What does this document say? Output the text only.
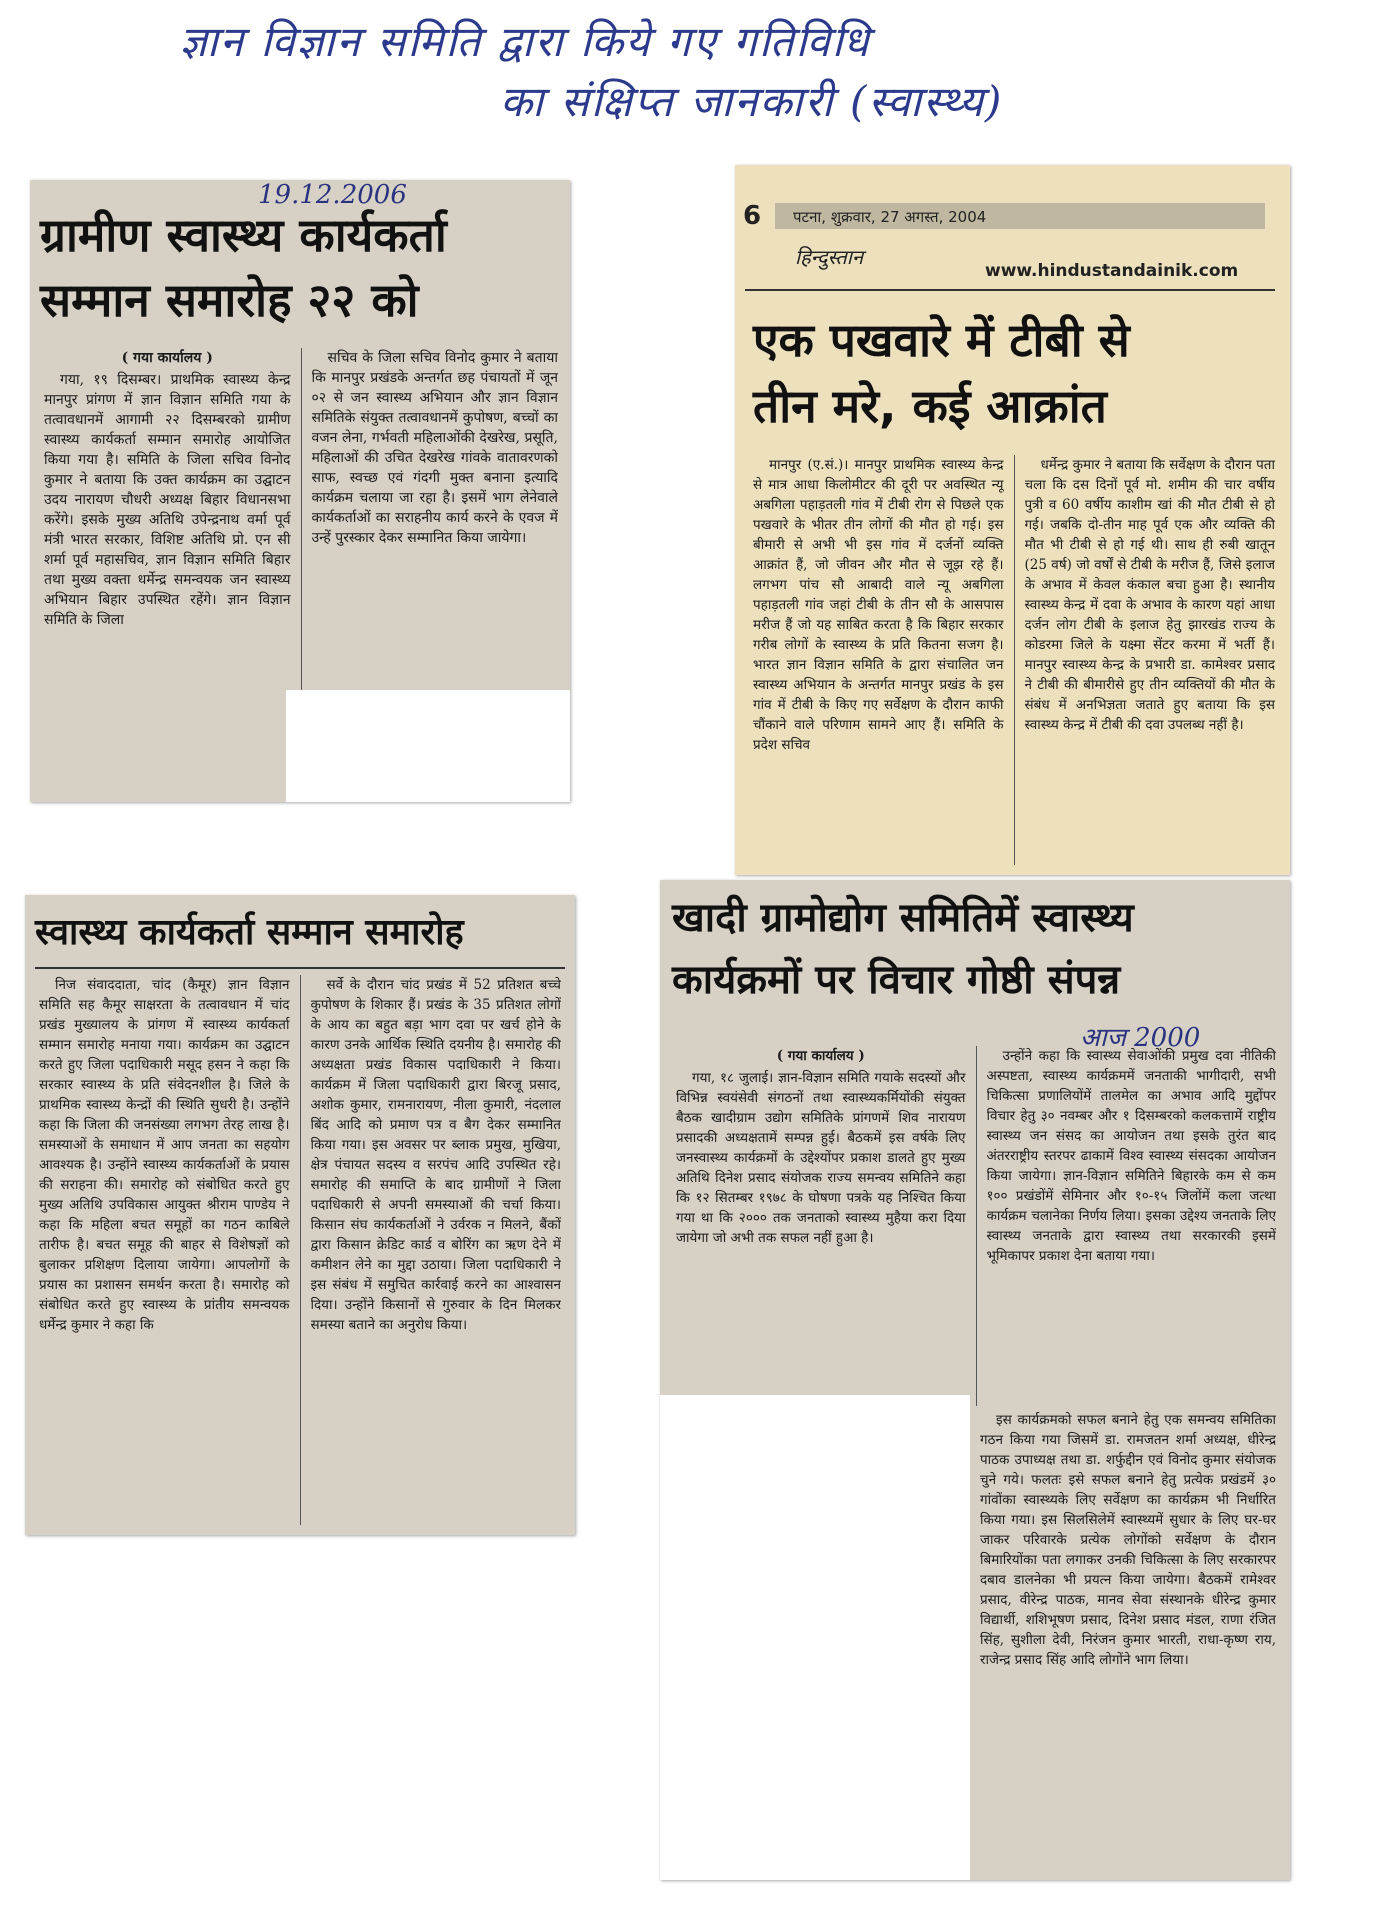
ज्ञान विज्ञान समिति द्वारा किये गए गतिविधि
का संक्षिप्त जानकारी (स्वास्थ्य)
19.12.2006
ग्रामीण स्वास्थ्य कार्यकर्ता
सम्मान समारोह २२ को
( गया कार्यालय )

गया, १९ दिसम्बर। प्राथमिक स्वास्थ्य केन्द्र मानपुर प्रांगण में ज्ञान विज्ञान समिति गया के तत्वावधानमें आगामी २२ दिसम्बरको ग्रामीण स्वास्थ्य कार्यकर्ता सम्मान समारोह आयोजित किया गया है। समिति के जिला सचिव विनोद कुमार ने बताया कि उक्त कार्यक्रम का उद्घाटन उदय नारायण चौधरी अध्यक्ष बिहार विधानसभा करेंगे। इसके मुख्य अतिथि उपेन्द्रनाथ वर्मा पूर्व मंत्री भारत सरकार, विशिष्ट अतिथि प्रो. एन सी शर्मा पूर्व महासचिव, ज्ञान विज्ञान समिति बिहार तथा मुख्य वक्ता धर्मेन्द्र समन्वयक जन स्वास्थ्य अभियान बिहार उपस्थित रहेंगे। ज्ञान विज्ञान समिति के जिला

सचिव के जिला सचिव विनोद कुमार ने बताया कि मानपुर प्रखंडके अन्तर्गत छह पंचायतों में जून ०२ से जन स्वास्थ्य अभियान और ज्ञान विज्ञान समितिके संयुक्त तत्वावधानमें कुपोषण, बच्चों का वजन लेना, गर्भवती महिलाओंकी देखरेख, प्रसूति, महिलाओं की उचित देखरेख गांवके वातावरणको साफ, स्वच्छ एवं गंदगी मुक्त बनाना इत्यादि कार्यक्रम चलाया जा रहा है। इसमें भाग लेनेवाले कार्यकर्ताओं का सराहनीय कार्य करने के एवज में उन्हें पुरस्कार देकर सम्मानित किया जायेगा।

6 पटना, शुक्रवार, 27 अगस्त, 2004
हिन्दुस्तान
www.hindustandainik.com
एक पखवारे में टीबी से
तीन मरे, कई आक्रांत

मानपुर (ए.सं.)। मानपुर प्राथमिक स्वास्थ्य केन्द्र से मात्र आधा किलोमीटर की दूरी पर अवस्थित न्यू अबगिला पहाड़तली गांव में टीबी रोग से पिछले एक पखवारे के भीतर तीन लोगों की मौत हो गई। इस बीमारी से अभी भी इस गांव में दर्जनों व्यक्ति आक्रांत हैं, जो जीवन और मौत से जूझ रहे हैं। लगभग पांच सौ आबादी वाले न्यू अबगिला पहाड़तली गांव जहां टीबी के तीन सौ के आसपास मरीज हैं जो यह साबित करता है कि बिहार सरकार गरीब लोगों के स्वास्थ्य के प्रति कितना सजग है। भारत ज्ञान विज्ञान समिति के द्वारा संचालित जन स्वास्थ्य अभियान के अन्तर्गत मानपुर प्रखंड के इस गांव में टीबी के किए गए सर्वेक्षण के दौरान काफी चौंकाने वाले परिणाम सामने आए हैं। समिति के प्रदेश सचिव

धर्मेन्द्र कुमार ने बताया कि सर्वेक्षण के दौरान पता चला कि दस दिनों पूर्व मो. शमीम की चार वर्षीय पुत्री व 60 वर्षीय काशीम खां की मौत टीबी से हो गई। जबकि दो-तीन माह पूर्व एक और व्यक्ति की मौत भी टीबी से हो गई थी। साथ ही रुबी खातून (25 वर्ष) जो वर्षों से टीबी के मरीज हैं, जिसे इलाज के अभाव में केवल कंकाल बचा हुआ है। स्थानीय स्वास्थ्य केन्द्र में दवा के अभाव के कारण यहां आधा दर्जन लोग टीबी के इलाज हेतु झारखंड राज्य के कोडरमा जिले के यक्ष्मा सेंटर करमा में भर्ती हैं। मानपुर स्वास्थ्य केन्द्र के प्रभारी डा. कामेश्वर प्रसाद ने टीबी की बीमारीसे हुए तीन व्यक्तियों की मौत के संबंध में अनभिज्ञता जताते हुए बताया कि इस स्वास्थ्य केन्द्र में टीबी की दवा उपलब्ध नहीं है।

स्वास्थ्य कार्यकर्ता सम्मान समारोह

निज संवाददाता, चांद (कैमूर) ज्ञान विज्ञान समिति सह कैमूर साक्षरता के तत्वावधान में चांद प्रखंड मुख्यालय के प्रांगण में स्वास्थ्य कार्यकर्ता सम्मान समारोह मनाया गया। कार्यक्रम का उद्घाटन करते हुए जिला पदाधिकारी मसूद हसन ने कहा कि सरकार स्वास्थ्य के प्रति संवेदनशील है। जिले के प्राथमिक स्वास्थ्य केन्द्रों की स्थिति सुधरी है। उन्होंने कहा कि जिला की जनसंख्या लगभग तेरह लाख है। समस्याओं के समाधान में आप जनता का सहयोग आवश्यक है। उन्होंने स्वास्थ्य कार्यकर्ताओं के प्रयास की सराहना की। समारोह को संबोधित करते हुए मुख्य अतिथि उपविकास आयुक्त श्रीराम पाण्डेय ने कहा कि महिला बचत समूहों का गठन काबिले तारीफ है। बचत समूह की बाहर से विशेषज्ञों को बुलाकर प्रशिक्षण दिलाया जायेगा। आपलोगों के प्रयास का प्रशासन समर्थन करता है। समारोह को संबोधित करते हुए स्वास्थ्य के प्रांतीय समन्वयक धर्मेन्द्र कुमार ने कहा कि

सर्वे के दौरान चांद प्रखंड में 52 प्रतिशत बच्चे कुपोषण के शिकार हैं। प्रखंड के 35 प्रतिशत लोगों के आय का बहुत बड़ा भाग दवा पर खर्च होने के कारण उनके आर्थिक स्थिति दयनीय है। समारोह की अध्यक्षता प्रखंड विकास पदाधिकारी ने किया। कार्यक्रम में जिला पदाधिकारी द्वारा बिरजू प्रसाद, अशोक कुमार, रामनारायण, नीला कुमारी, नंदलाल बिंद आदि को प्रमाण पत्र व बैग देकर सम्मानित किया गया। इस अवसर पर ब्लाक प्रमुख, मुखिया, क्षेत्र पंचायत सदस्य व सरपंच आदि उपस्थित रहे। समारोह की समाप्ति के बाद ग्रामीणों ने जिला पदाधिकारी से अपनी समस्याओं की चर्चा किया। किसान संघ कार्यकर्ताओं ने उर्वरक न मिलने, बैंकों द्वारा किसान क्रेडिट कार्ड व बोरिंग का ऋण देने में कमीशन लेने का मुद्दा उठाया। जिला पदाधिकारी ने इस संबंध में समुचित कार्रवाई करने का आश्वासन दिया। उन्होंने किसानों से गुरुवार के दिन मिलकर समस्या बताने का अनुरोध किया।

खादी ग्रामोद्योग समितिमें स्वास्थ्य
कार्यक्रमों पर विचार गोष्ठी संपन्न
आज 2000
( गया कार्यालय )

गया, १८ जुलाई। ज्ञान-विज्ञान समिति गयाके सदस्यों और विभिन्न स्वयंसेवी संगठनों तथा स्वास्थ्यकर्मियोंकी संयुक्त बैठक खादीग्राम उद्योग समितिके प्रांगणमें शिव नारायण प्रसादकी अध्यक्षतामें सम्पन्न हुई। बैठकमें इस वर्षके लिए जनस्वास्थ्य कार्यक्रमों के उद्देश्योंपर प्रकाश डालते हुए मुख्य अतिथि दिनेश प्रसाद संयोजक राज्य समन्वय समितिने कहा कि १२ सितम्बर १९७८ के घोषणा पत्रके यह निश्चित किया गया था कि २००० तक जनताको स्वास्थ्य मुहैया करा दिया जायेगा जो अभी तक सफल नहीं हुआ है।

उन्होंने कहा कि स्वास्थ्य सेवाओंकी प्रमुख दवा नीतिकी अस्पष्टता, स्वास्थ्य कार्यक्रममें जनताकी भागीदारी, सभी चिकित्सा प्रणालियोंमें तालमेल का अभाव आदि मुद्दोंपर विचार हेतु ३० नवम्बर और १ दिसम्बरको कलकत्तामें राष्ट्रीय स्वास्थ्य जन संसद का आयोजन तथा इसके तुरंत बाद अंतरराष्ट्रीय स्तरपर ढाकामें विश्व स्वास्थ्य संसदका आयोजन किया जायेगा। ज्ञान-विज्ञान समितिने बिहारके कम से कम १०० प्रखंडोंमें सेमिनार और १०-१५ जिलोंमें कला जत्था कार्यक्रम चलानेका निर्णय लिया। इसका उद्देश्य जनताके लिए स्वास्थ्य जनताके द्वारा स्वास्थ्य तथा सरकारकी इसमें भूमिकापर प्रकाश देना बताया गया।

इस कार्यक्रमको सफल बनाने हेतु एक समन्वय समितिका गठन किया गया जिसमें डा. रामजतन शर्मा अध्यक्ष, धीरेन्द्र पाठक उपाध्यक्ष तथा डा. शर्फुद्दीन एवं विनोद कुमार संयोजक चुने गये। फलतः इसे सफल बनाने हेतु प्रत्येक प्रखंडमें ३० गांवोंका स्वास्थ्यके लिए सर्वेक्षण का कार्यक्रम भी निर्धारित किया गया। इस सिलसिलेमें स्वास्थ्यमें सुधार के लिए घर-घर जाकर परिवारके प्रत्येक लोगोंको सर्वेक्षण के दौरान बिमारियोंका पता लगाकर उनकी चिकित्सा के लिए सरकारपर दबाव डालनेका भी प्रयत्न किया जायेगा। बैठकमें रामेश्वर प्रसाद, वीरेन्द्र पाठक, मानव सेवा संस्थानके धीरेन्द्र कुमार विद्यार्थी, शशिभूषण प्रसाद, दिनेश प्रसाद मंडल, राणा रंजित सिंह, सुशीला देवी, निरंजन कुमार भारती, राधा-कृष्ण राय, राजेन्द्र प्रसाद सिंह आदि लोगोंने भाग लिया।
